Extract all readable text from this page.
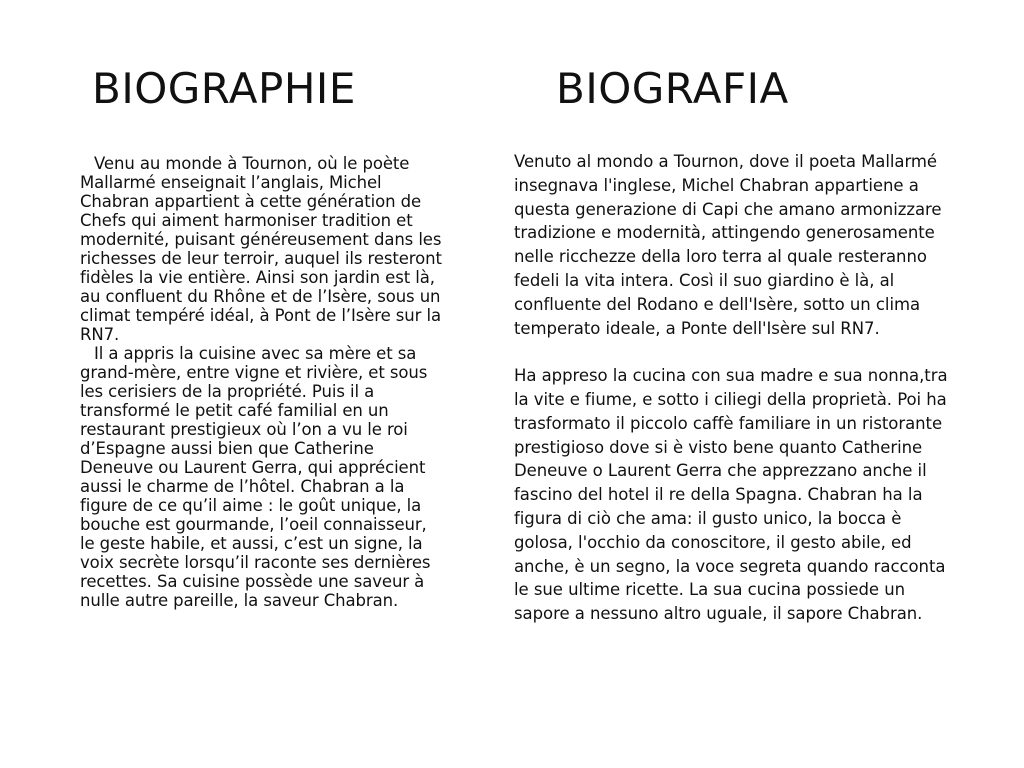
BIOGRAPHIE	BIOGRAFIA

Venu au monde à Tournon, où le poète Mallarmé enseignait l’anglais, Michel Chabran appartient à cette génération de Chefs qui aiment harmoniser tradition et modernité, puisant généreusement dans les richesses de leur terroir, auquel ils resteront fidèles la vie entière. Ainsi son jardin est là, au confluent du Rhône et de l’Isère, sous un climat tempéré idéal, à Pont de l’Isère sur la RN7.

Il a appris la cuisine avec sa mère et sa grand-mère, entre vigne et rivière, et sous les cerisiers de la propriété. Puis il a transformé le petit café familial en un restaurant prestigieux où l’on a vu le roi d’Espagne aussi bien que Catherine Deneuve ou Laurent Gerra, qui apprécient aussi le charme de l’hôtel. Chabran a la figure de ce qu’il aime : le goût unique, la bouche est gourmande, l’oeil connaisseur, le geste habile, et aussi, c’est un signe, la voix secrète lorsqu’il raconte ses dernières recettes. Sa cuisine possède une saveur à nulle autre pareille, la saveur Chabran.

Venuto al mondo a Tournon, dove il poeta Mallarmé insegnava l'inglese, Michel Chabran appartiene a questa generazione di Capi che amano armonizzare tradizione e modernità, attingendo generosamente nelle ricchezze della loro terra al quale resteranno fedeli la vita intera. Così il suo giardino è là, al confluente del Rodano e dell'Isère, sotto un clima temperato ideale, a Ponte dell'Isère sul RN7.

Ha appreso la cucina con sua madre e sua nonna,tra la vite e fiume, e sotto i ciliegi della proprietà. Poi ha trasformato il piccolo caffè familiare in un ristorante prestigioso dove si è visto bene quanto Catherine Deneuve o Laurent Gerra che apprezzano anche il fascino del hotel il re della Spagna. Chabran ha la figura di ciò che ama: il gusto unico, la bocca è golosa, l'occhio da conoscitore, il gesto abile, ed anche, è un segno, la voce segreta quando racconta le sue ultime ricette. La sua cucina possiede un sapore a nessuno altro uguale, il sapore Chabran.
